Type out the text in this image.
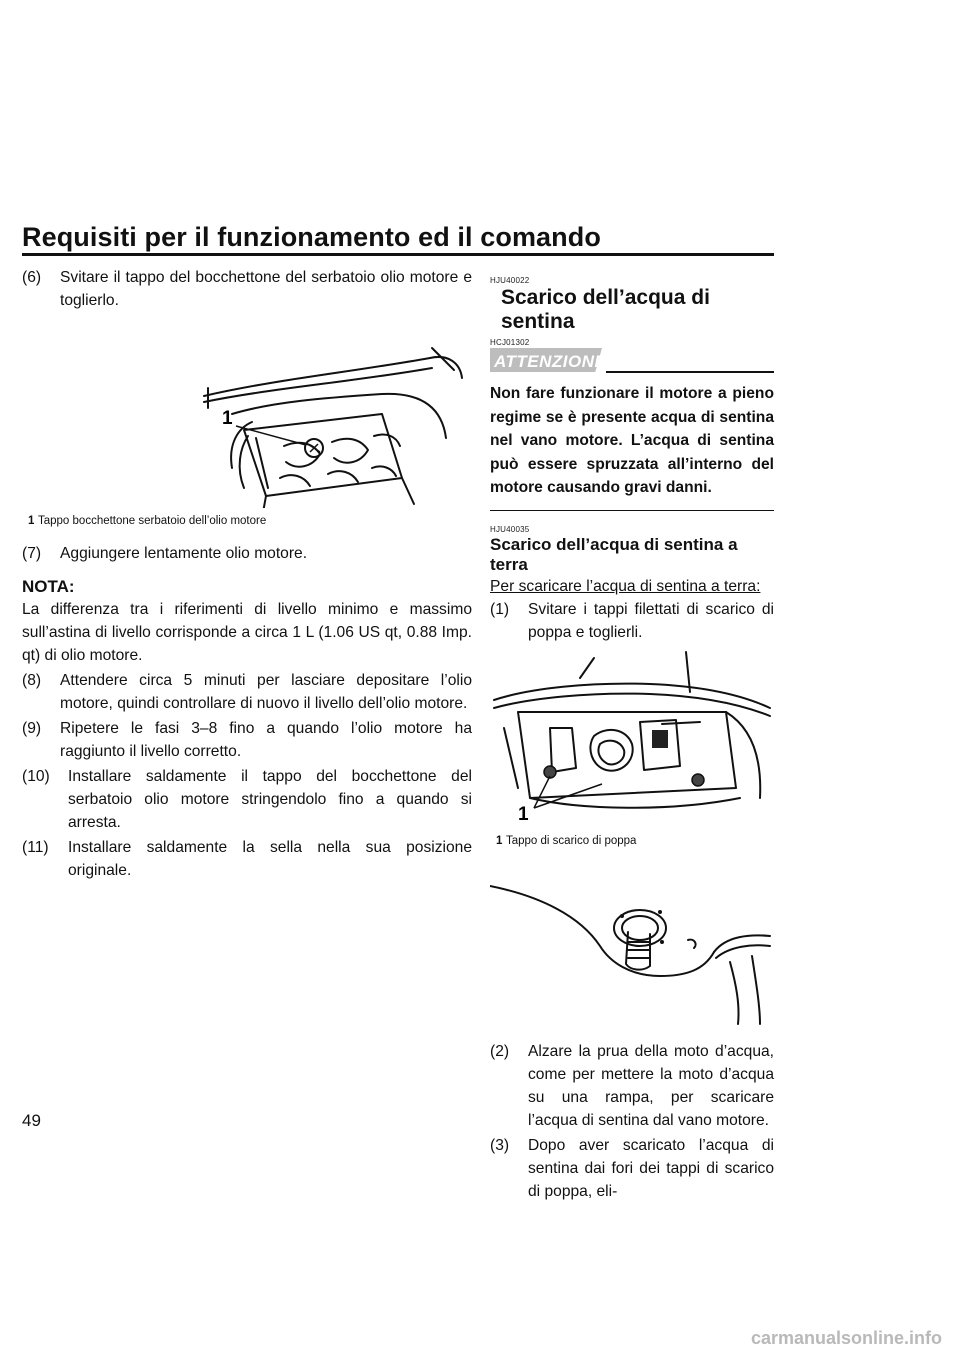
Requisiti per il funzionamento ed il comando
(6) Svitare il tappo del bocchettone del serbatoio olio motore e toglierlo.
1
1 Tappo bocchettone serbatoio dell’olio motore
(7) Aggiungere lentamente olio motore.
NOTA:
La differenza tra i riferimenti di livello minimo e massimo sull’astina di livello corrisponde a circa 1 L (1.06 US qt, 0.88 Imp. qt) di olio motore.
(8) Attendere circa 5 minuti per lasciare depositare l’olio motore, quindi controllare di nuovo il livello dell’olio motore.
(9) Ripetere le fasi 3–8 fino a quando l’olio motore ha raggiunto il livello corretto.
(10) Installare saldamente il tappo del bocchettone del serbatoio olio motore stringendolo fino a quando si arresta.
(11) Installare saldamente la sella nella sua posizione originale.
HJU40022
Scarico dell’acqua di sentina
HCJ01302
ATTENZIONE
Non fare funzionare il motore a pieno regime se è presente acqua di sentina nel vano motore. L’acqua di sentina può essere spruzzata all’interno del motore causando gravi danni.
HJU40035
Scarico dell’acqua di sentina a terra
Per scaricare l’acqua di sentina a terra:
(1) Svitare i tappi filettati di scarico di poppa e toglierli.
1
1 Tappo di scarico di poppa
(2) Alzare la prua della moto d’acqua, come per mettere la moto d’acqua su una rampa, per scaricare l’acqua di sentina dal vano motore.
(3) Dopo aver scaricato l’acqua di sentina dai fori dei tappi di scarico di poppa, eli-
49
carmanualsonline.info
